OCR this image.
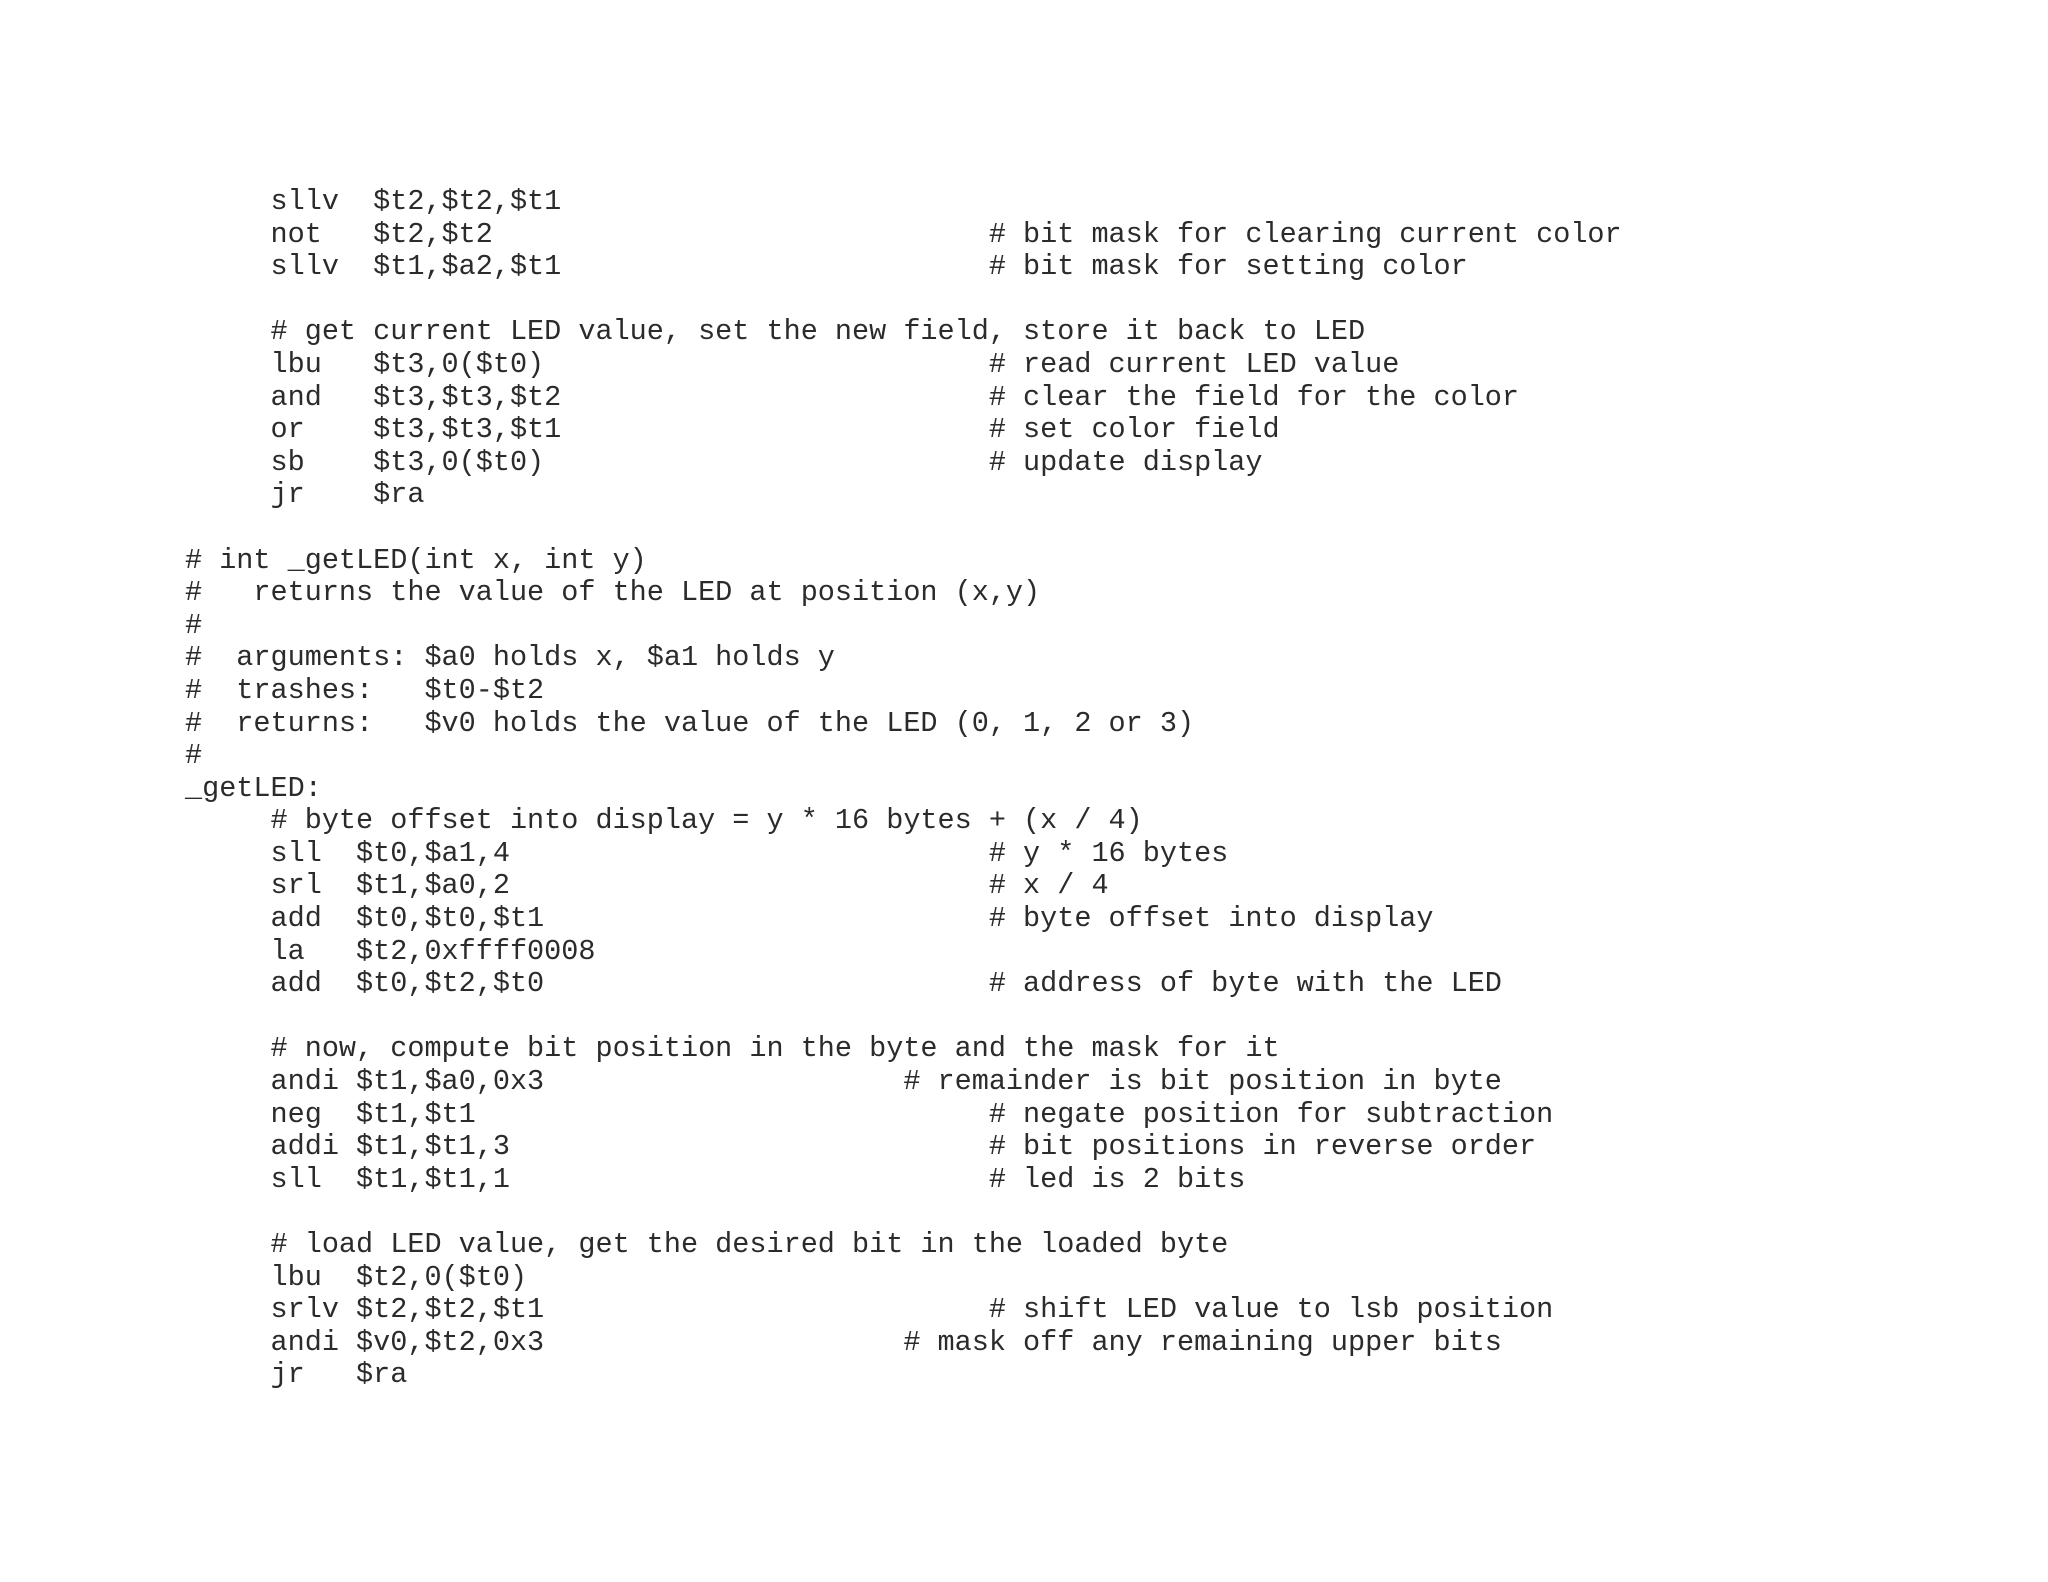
sllv  $t2,$t2,$t1
not   $t2,$t2                             # bit mask for clearing current color
sllv  $t1,$a2,$t1                         # bit mask for setting color
# get current LED value, set the new field, store it back to LED
lbu   $t3,0($t0)                          # read current LED value
and   $t3,$t3,$t2                         # clear the field for the color
or    $t3,$t3,$t1                         # set color field
sb    $t3,0($t0)                          # update display
jr    $ra
# int _getLED(int x, int y)
#   returns the value of the LED at position (x,y)
#
#  arguments: $a0 holds x, $a1 holds y
#  trashes:   $t0-$t2
#  returns:   $v0 holds the value of the LED (0, 1, 2 or 3)
#
_getLED:
# byte offset into display = y * 16 bytes + (x / 4)
sll  $t0,$a1,4                            # y * 16 bytes
srl  $t1,$a0,2                            # x / 4
add  $t0,$t0,$t1                          # byte offset into display
la   $t2,0xffff0008
add  $t0,$t2,$t0                          # address of byte with the LED
# now, compute bit position in the byte and the mask for it
andi $t1,$a0,0x3                     # remainder is bit position in byte
neg  $t1,$t1                              # negate position for subtraction
addi $t1,$t1,3                            # bit positions in reverse order
sll  $t1,$t1,1                            # led is 2 bits
# load LED value, get the desired bit in the loaded byte
lbu  $t2,0($t0)
srlv $t2,$t2,$t1                          # shift LED value to lsb position
andi $v0,$t2,0x3                     # mask off any remaining upper bits
jr   $ra
